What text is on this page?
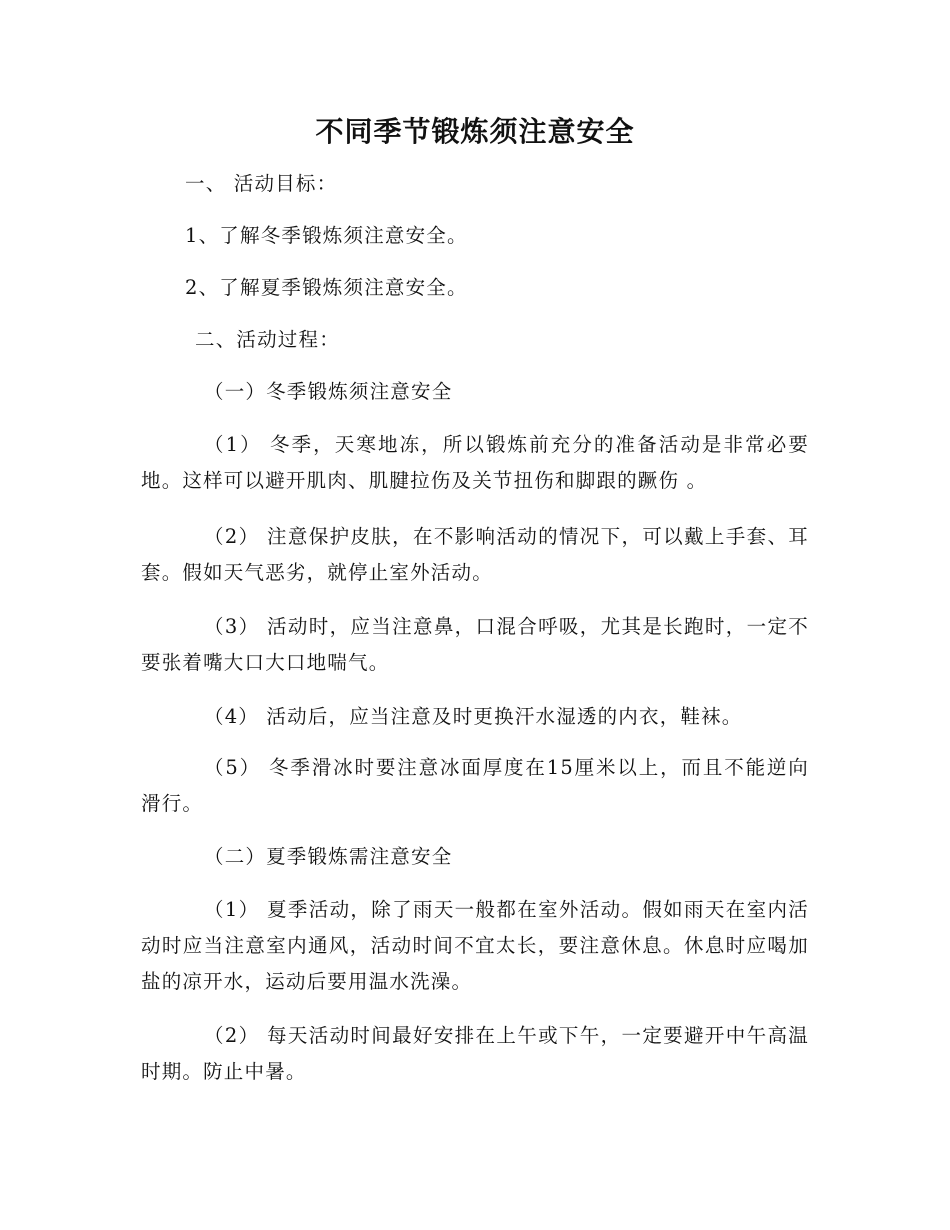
不同季节锻炼须注意安全
一、 活动目标：
1、了解冬季锻炼须注意安全。
2、了解夏季锻炼须注意安全。
二、活动过程：
（一）冬季锻炼须注意安全
（1） 冬季，天寒地冻，所以锻炼前充分的准备活动是非常必要地。这样可以避开肌肉、肌腱拉伤及关节扭伤和脚跟的蹶伤 。
（2） 注意保护皮肤，在不影响活动的情况下，可以戴上手套、耳套。假如天气恶劣，就停止室外活动。
（3） 活动时，应当注意鼻，口混合呼吸，尤其是长跑时，一定不要张着嘴大口大口地喘气。
（4） 活动后，应当注意及时更换汗水湿透的内衣，鞋袜。
（5） 冬季滑冰时要注意冰面厚度在15厘米以上，而且不能逆向滑行。
（二）夏季锻炼需注意安全
（1） 夏季活动，除了雨天一般都在室外活动。假如雨天在室内活动时应当注意室内通风，活动时间不宜太长，要注意休息。休息时应喝加盐的凉开水，运动后要用温水洗澡。
（2） 每天活动时间最好安排在上午或下午，一定要避开中午高温时期。防止中暑。
